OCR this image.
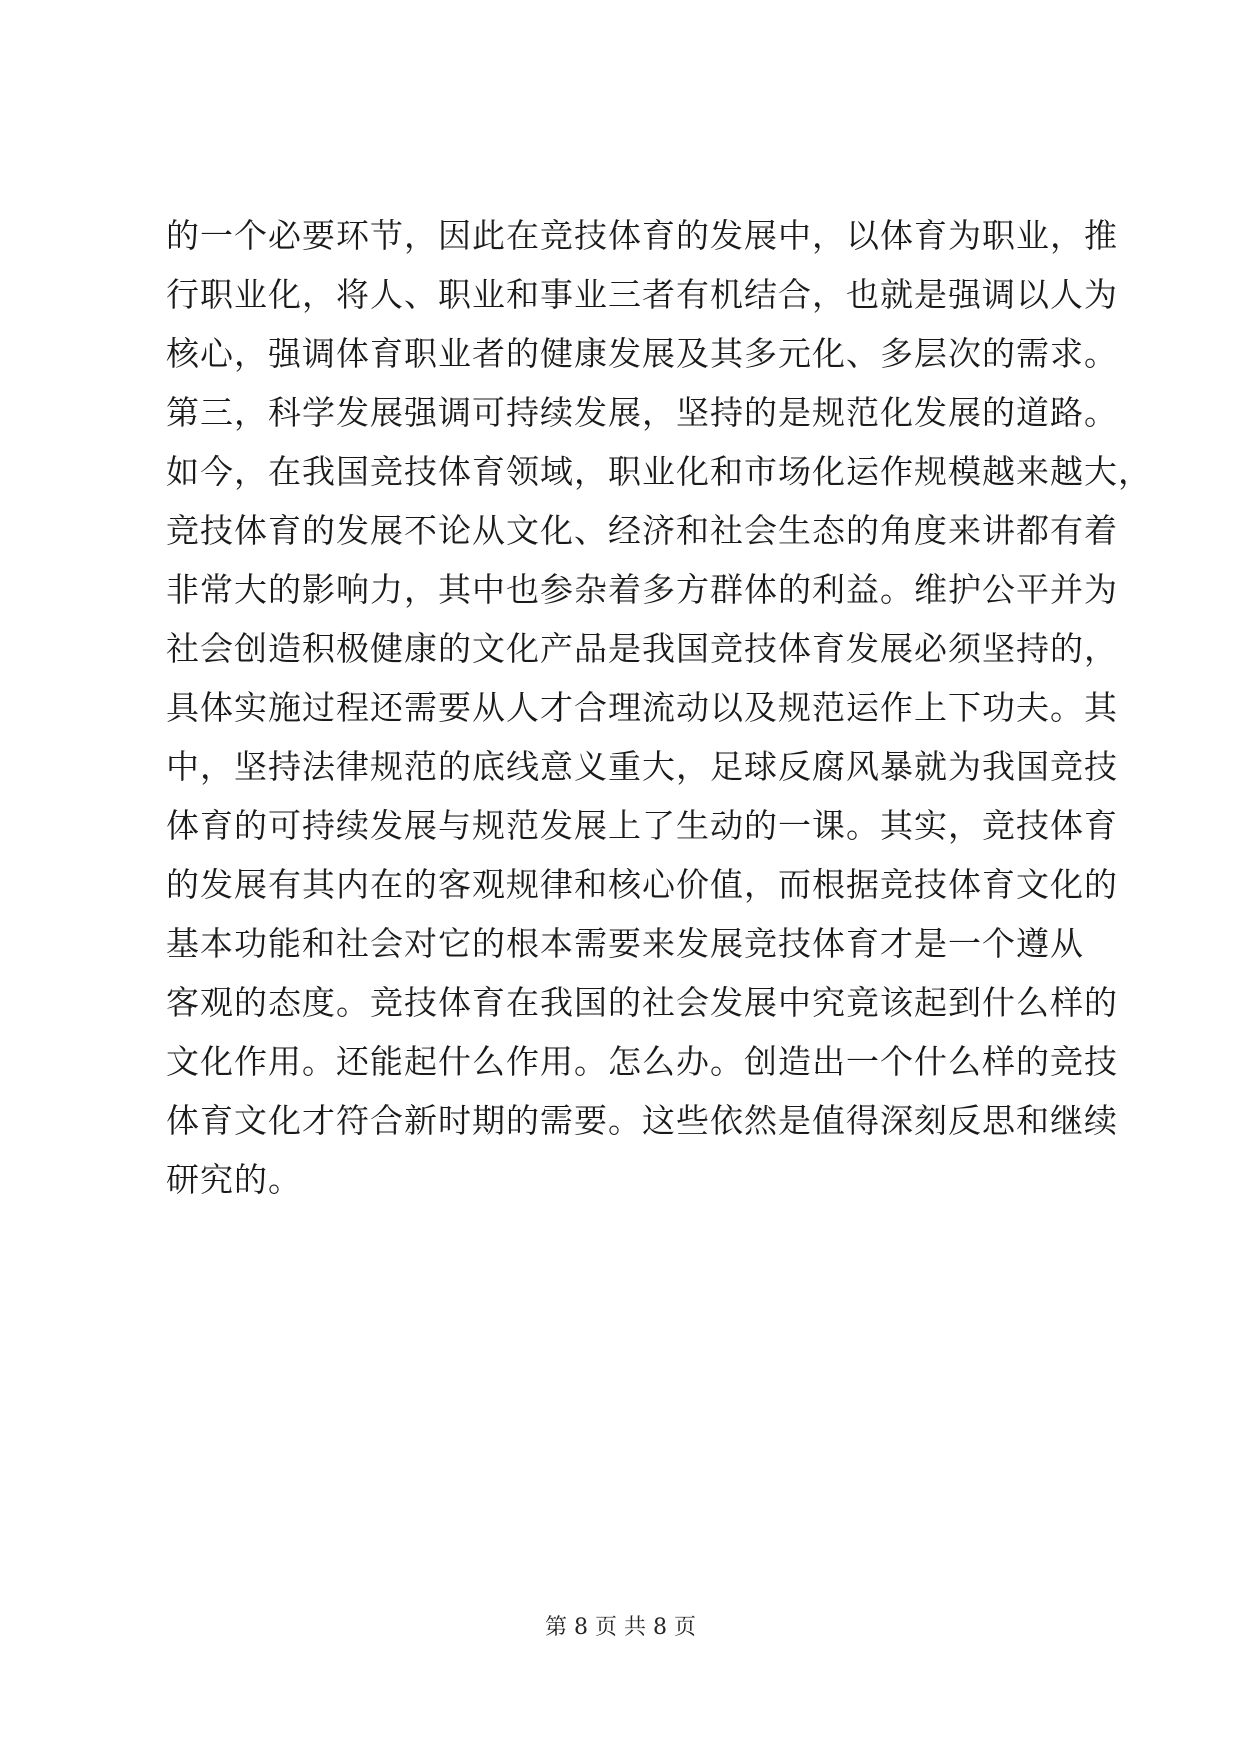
的一个必要环节，因此在竞技体育的发展中，以体育为职业，推
行职业化，将人、职业和事业三者有机结合，也就是强调以人为
核心，强调体育职业者的健康发展及其多元化、多层次的需求。
第三，科学发展强调可持续发展，坚持的是规范化发展的道路。
如今，在我国竞技体育领域，职业化和市场化运作规模越来越大，
竞技体育的发展不论从文化、经济和社会生态的角度来讲都有着
非常大的影响力，其中也参杂着多方群体的利益。维护公平并为
社会创造积极健康的文化产品是我国竞技体育发展必须坚持的，
具体实施过程还需要从人才合理流动以及规范运作上下功夫。其
中，坚持法律规范的底线意义重大，足球反腐风暴就为我国竞技
体育的可持续发展与规范发展上了生动的一课。其实，竞技体育
的发展有其内在的客观规律和核心价值，而根据竞技体育文化的
基本功能和社会对它的根本需要来发展竞技体育才是一个遵从
客观的态度。竞技体育在我国的社会发展中究竟该起到什么样的
文化作用。还能起什么作用。怎么办。创造出一个什么样的竞技
体育文化才符合新时期的需要。这些依然是值得深刻反思和继续
研究的。
第 8 页 共 8 页
